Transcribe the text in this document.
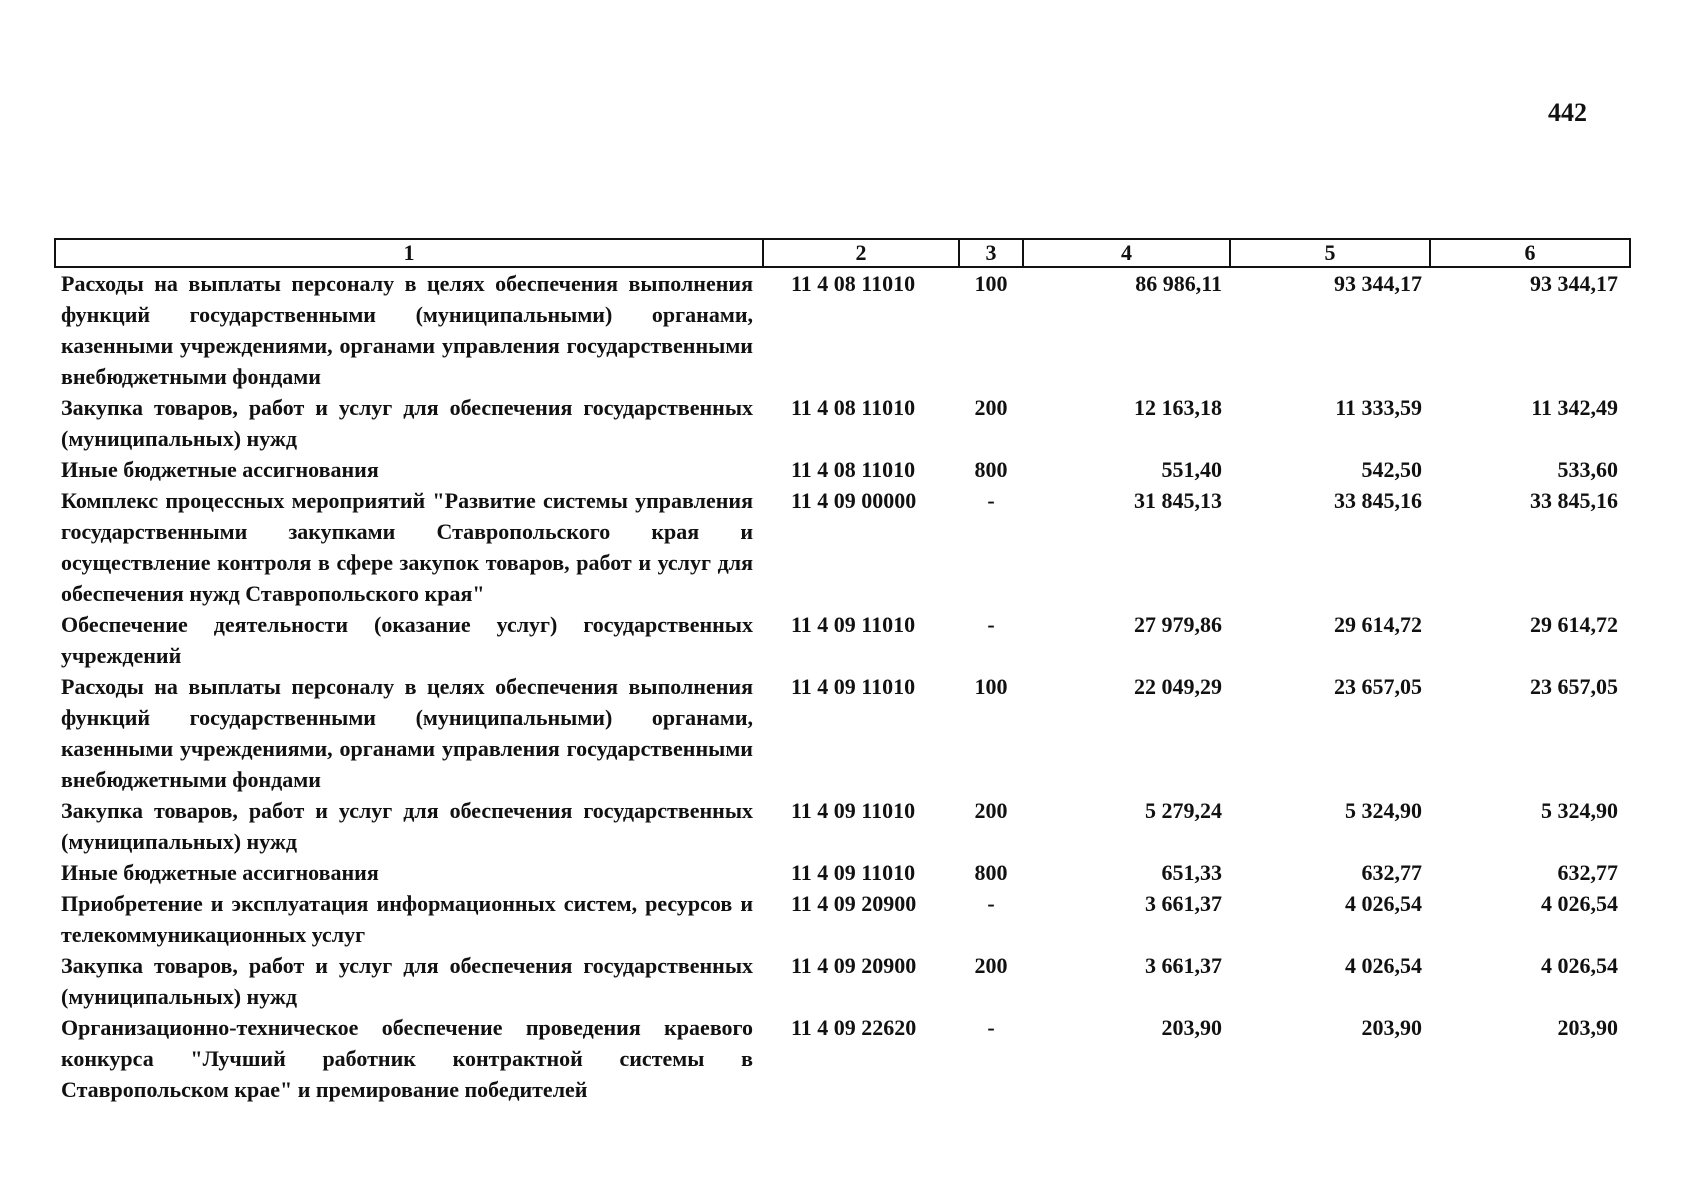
442
1	2	3	4	5	6
Расходы на выплаты персоналу в целях обеспечения выполнения функций государственными (муниципальными) органами, казенными учреждениями, органами управления государственными внебюджетными фондами	11 4 08 11010	100	86 986,11	93 344,17	93 344,17
Закупка товаров, работ и услуг для обеспечения государственных (муниципальных) нужд	11 4 08 11010	200	12 163,18	11 333,59	11 342,49
Иные бюджетные ассигнования	11 4 08 11010	800	551,40	542,50	533,60
Комплекс процессных мероприятий "Развитие системы управления государственными закупками Ставропольского края и осуществление контроля в сфере закупок товаров, работ и услуг для обеспечения нужд Ставропольского края"	11 4 09 00000	-	31 845,13	33 845,16	33 845,16
Обеспечение деятельности (оказание услуг) государственных учреждений	11 4 09 11010	-	27 979,86	29 614,72	29 614,72
Расходы на выплаты персоналу в целях обеспечения выполнения функций государственными (муниципальными) органами, казенными учреждениями, органами управления государственными внебюджетными фондами	11 4 09 11010	100	22 049,29	23 657,05	23 657,05
Закупка товаров, работ и услуг для обеспечения государственных (муниципальных) нужд	11 4 09 11010	200	5 279,24	5 324,90	5 324,90
Иные бюджетные ассигнования	11 4 09 11010	800	651,33	632,77	632,77
Приобретение и эксплуатация информационных систем, ресурсов и телекоммуникационных услуг	11 4 09 20900	-	3 661,37	4 026,54	4 026,54
Закупка товаров, работ и услуг для обеспечения государственных (муниципальных) нужд	11 4 09 20900	200	3 661,37	4 026,54	4 026,54
Организационно-техническое обеспечение проведения краевого конкурса "Лучший работник контрактной системы в Ставропольском крае" и премирование победителей	11 4 09 22620	-	203,90	203,90	203,90
